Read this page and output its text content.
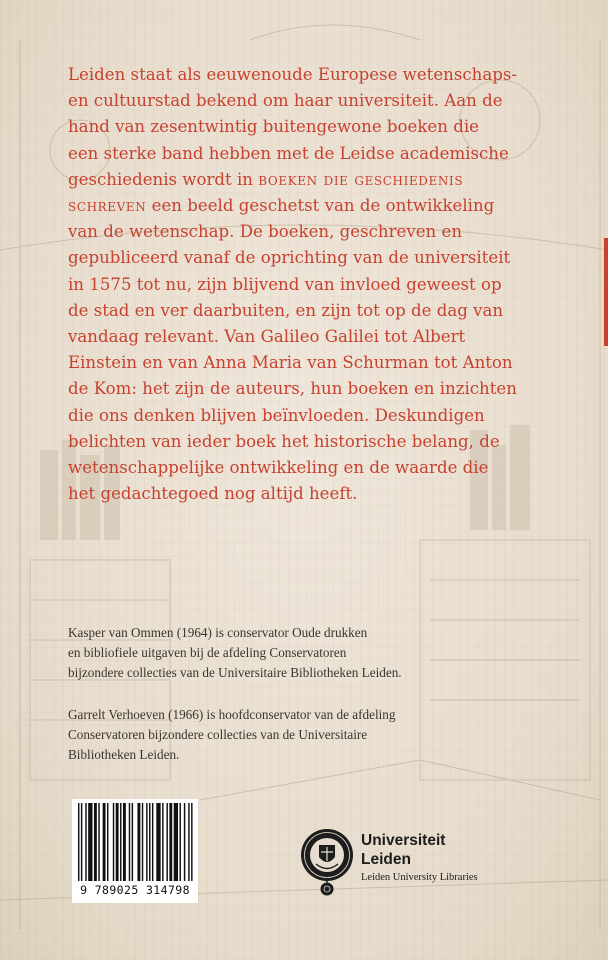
Leiden staat als eeuwenoude Europese wetenschaps-
en cultuurstad bekend om haar universiteit. Aan de
hand van zesentwintig buitengewone boeken die
een sterke band hebben met de Leidse academische
geschiedenis wordt in boeken die geschiedenis
schreven een beeld geschetst van de ontwikkeling
van de wetenschap. De boeken, geschreven en
gepubliceerd vanaf de oprichting van de universiteit
in 1575 tot nu, zijn blijvend van invloed geweest op
de stad en ver daarbuiten, en zijn tot op de dag van
vandaag relevant. Van Galileo Galilei tot Albert
Einstein en van Anna Maria van Schurman tot Anton
de Kom: het zijn de auteurs, hun boeken en inzichten
die ons denken blijven beïnvloeden. Deskundigen
belichten van ieder boek het historische belang, de
wetenschappelijke ontwikkeling en de waarde die
het gedachtegoed nog altijd heeft.
Kasper van Ommen (1964) is conservator Oude drukken
en bibliofiele uitgaven bij de afdeling Conservatoren
bijzondere collecties van de Universitaire Bibliotheken Leiden.
Garrelt Verhoeven (1966) is hoofdconservator van de afdeling
Conservatoren bijzondere collecties van de Universitaire
Bibliotheken Leiden.
9 789025 314798
Universiteit
Leiden
Leiden University Libraries
